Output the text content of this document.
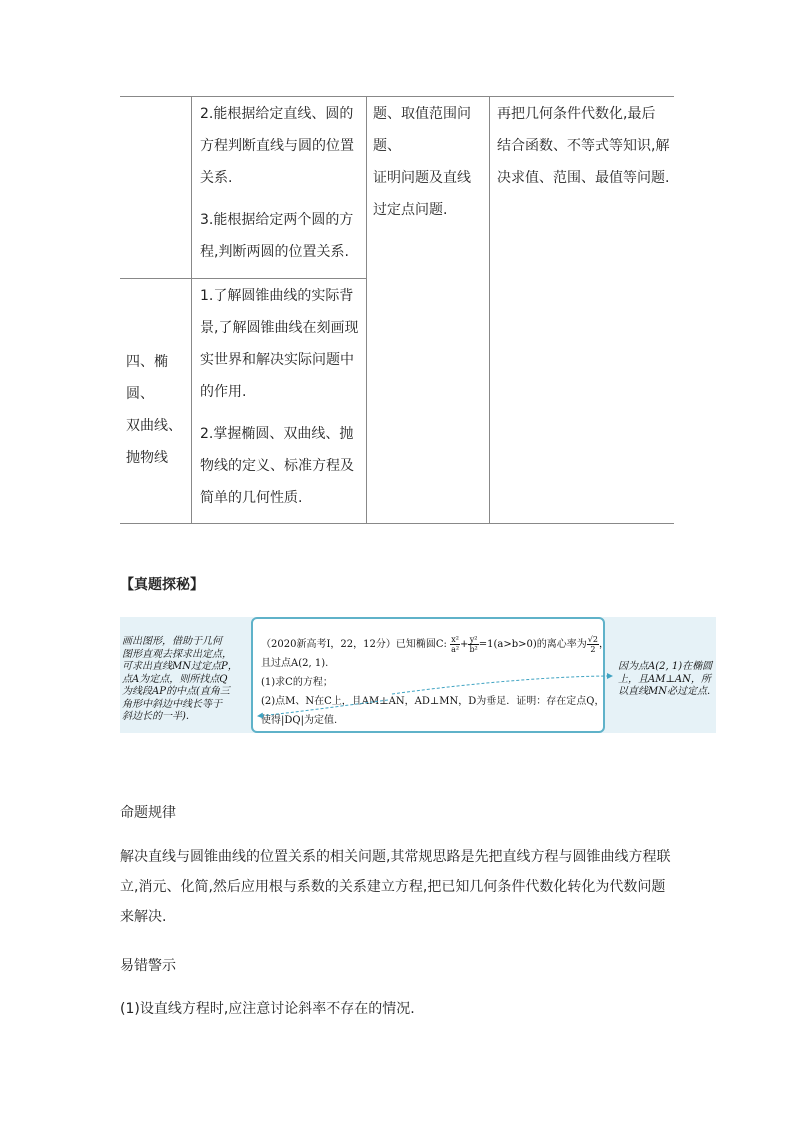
2.能根据给定直线、圆的方程判断直线与圆的位置关系.

3.能根据给定两个圆的方程,判断两圆的位置关系.

题、取值范围问题、

证明问题及直线

过定点问题.

再把几何条件代数化,最后

结合函数、不等式等知识,解

决求值、范围、最值等问题.

四、椭圆、

双曲线、

抛物线

1.了解圆锥曲线的实际背景,了解圆锥曲线在刻画现实世界和解决实际问题中的作用.

2.掌握椭圆、双曲线、抛物线的定义、标准方程及简单的几何性质.

【真题探秘】
画出图形，借助于几何
图形直观去探求出定点，
可求出直线MN过定点P，
点A为定点，则所找点Q
为线段AP的中点(直角三
角形中斜边中线长等于
斜边长的一半).

（2020新高考Ⅰ，22，12分）已知椭圆C: $\frac{\text{x²}}{\text{a²}} + \frac{\text{y²}}{\text{b²}} =1(a>b>0)$的离心率为 $\frac{√2}{2}$ ，

且过点A(2, 1).

(1)求C的方程；

(2)点M、N在C上，且AM⊥AN，AD⊥MN，D为垂足．证明：存在定点Q，

使得|DQ|为定值.

因为点A(2, 1)在椭圆
上，且AM⊥AN，所
以直线MN必过定点.
命题规律
解决直线与圆锥曲线的位置关系的相关问题,其常规思路是先把直线方程与圆锥曲线方程联
立,消元、化简,然后应用根与系数的关系建立方程,把已知几何条件代数化转化为代数问题
来解决.
易错警示
(1)设直线方程时,应注意讨论斜率不存在的情况.
